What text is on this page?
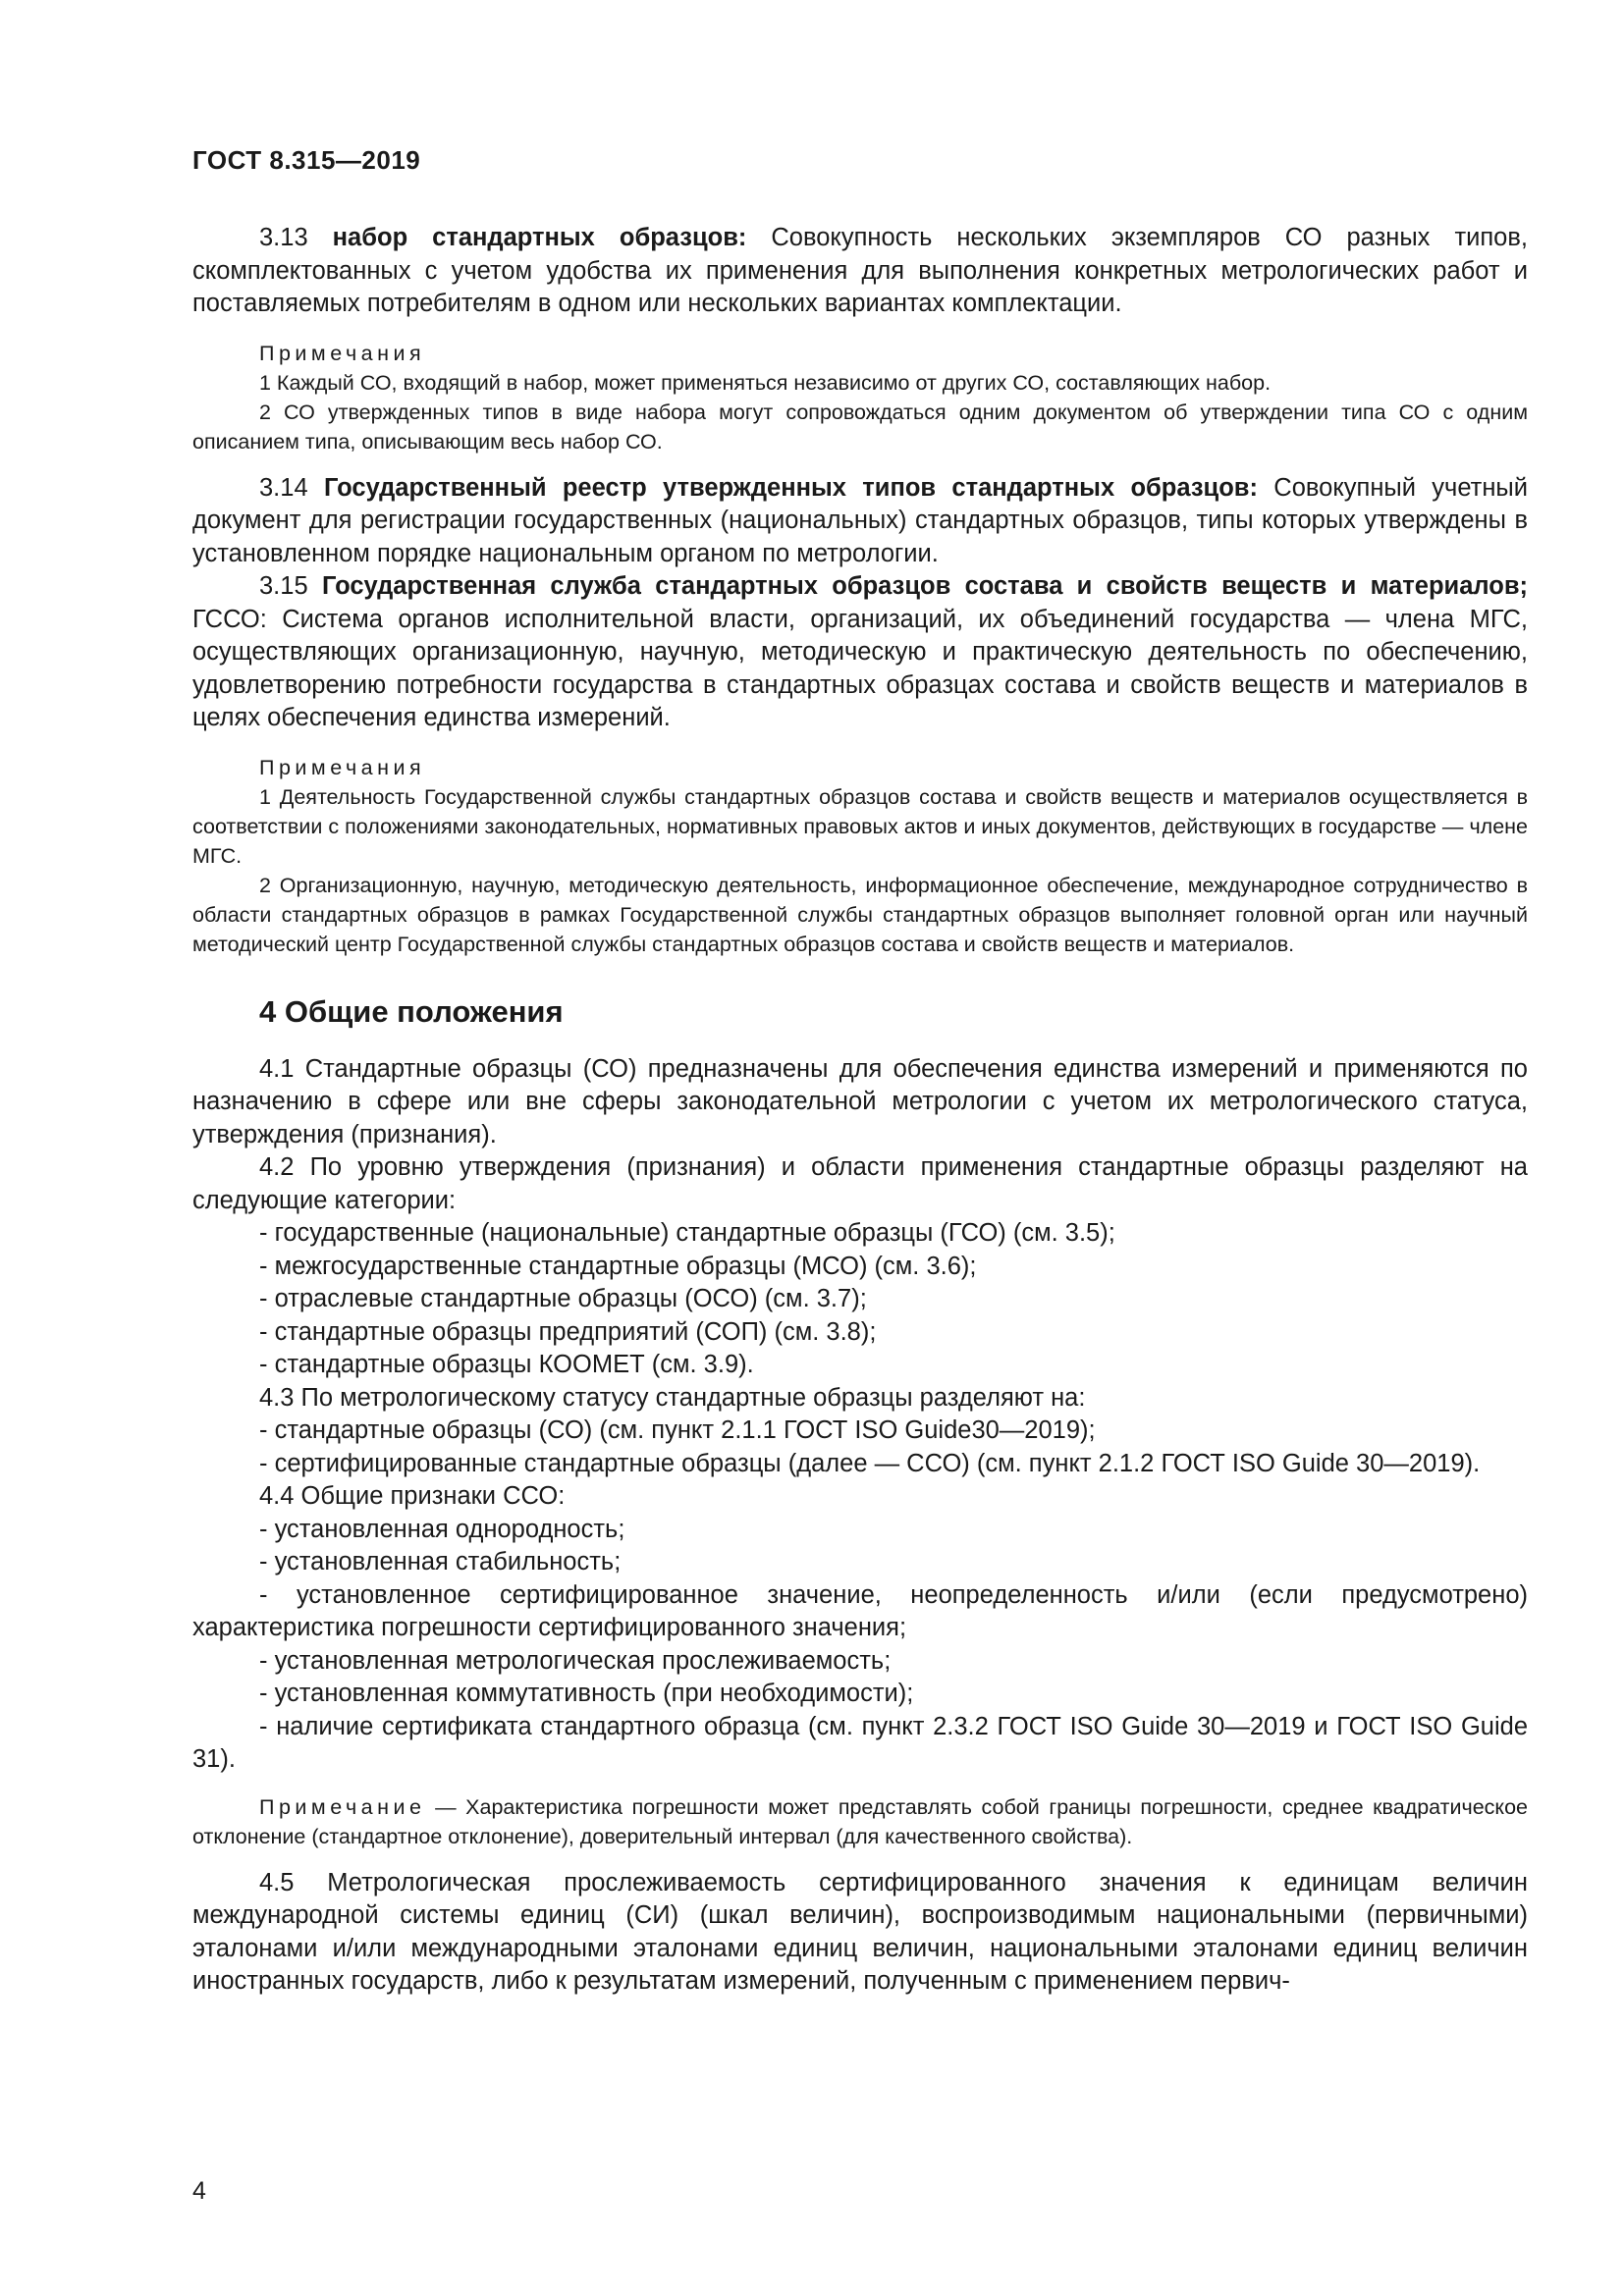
ГОСТ 8.315—2019

3.13 набор стандартных образцов: Совокупность нескольких экземпляров СО разных типов, скомплектованных с учетом удобства их применения для выполнения конкретных метрологических работ и поставляемых потребителям в одном или нескольких вариантах комплектации.

Примечания

1 Каждый СО, входящий в набор, может применяться независимо от других СО, составляющих набор.

2 СО утвержденных типов в виде набора могут сопровождаться одним документом об утверждении типа СО с одним описанием типа, описывающим весь набор СО.

3.14 Государственный реестр утвержденных типов стандартных образцов: Совокупный учетный документ для регистрации государственных (национальных) стандартных образцов, типы которых утверждены в установленном порядке национальным органом по метрологии.

3.15 Государственная служба стандартных образцов состава и свойств веществ и материалов; ГССО: Система органов исполнительной власти, организаций, их объединений государства — члена МГС, осуществляющих организационную, научную, методическую и практическую деятельность по обеспечению, удовлетворению потребности государства в стандартных образцах состава и свойств веществ и материалов в целях обеспечения единства измерений.

Примечания

1 Деятельность Государственной службы стандартных образцов состава и свойств веществ и материалов осуществляется в соответствии с положениями законодательных, нормативных правовых актов и иных документов, действующих в государстве — члене МГС.

2 Организационную, научную, методическую деятельность, информационное обеспечение, международное сотрудничество в области стандартных образцов в рамках Государственной службы стандартных образцов выполняет головной орган или научный методический центр Государственной службы стандартных образцов состава и свойств веществ и материалов.

4 Общие положения

4.1 Стандартные образцы (СО) предназначены для обеспечения единства измерений и применяются по назначению в сфере или вне сферы законодательной метрологии с учетом их метрологического статуса, утверждения (признания).

4.2 По уровню утверждения (признания) и области применения стандартные образцы разделяют на следующие категории:

- государственные (национальные) стандартные образцы (ГСО) (см. 3.5);

- межгосударственные стандартные образцы (МСО) (см. 3.6);

- отраслевые стандартные образцы (ОСО) (см. 3.7);

- стандартные образцы предприятий (СОП) (см. 3.8);

- стандартные образцы КООМЕТ (см. 3.9).

4.3 По метрологическому статусу стандартные образцы разделяют на:

- стандартные образцы (СО) (см. пункт 2.1.1 ГОСТ ISO Guide30—2019);

- сертифицированные стандартные образцы (далее — ССО) (см. пункт 2.1.2 ГОСТ ISO Guide 30—2019).

4.4 Общие признаки ССО:

- установленная однородность;

- установленная стабильность;

- установленное сертифицированное значение, неопределенность и/или (если предусмотрено) характеристика погрешности сертифицированного значения;

- установленная метрологическая прослеживаемость;

- установленная коммутативность (при необходимости);

- наличие сертификата стандартного образца (см. пункт 2.3.2 ГОСТ ISO Guide 30—2019 и ГОСТ ISO Guide 31).

Примечание — Характеристика погрешности может представлять собой границы погрешности, среднее квадратическое отклонение (стандартное отклонение), доверительный интервал (для качественного свойства).

4.5 Метрологическая прослеживаемость сертифицированного значения к единицам величин международной системы единиц (СИ) (шкал величин), воспроизводимым национальными (первичными) эталонами и/или международными эталонами единиц величин, национальными эталонами единиц величин иностранных государств, либо к результатам измерений, полученным с применением первич-

4
